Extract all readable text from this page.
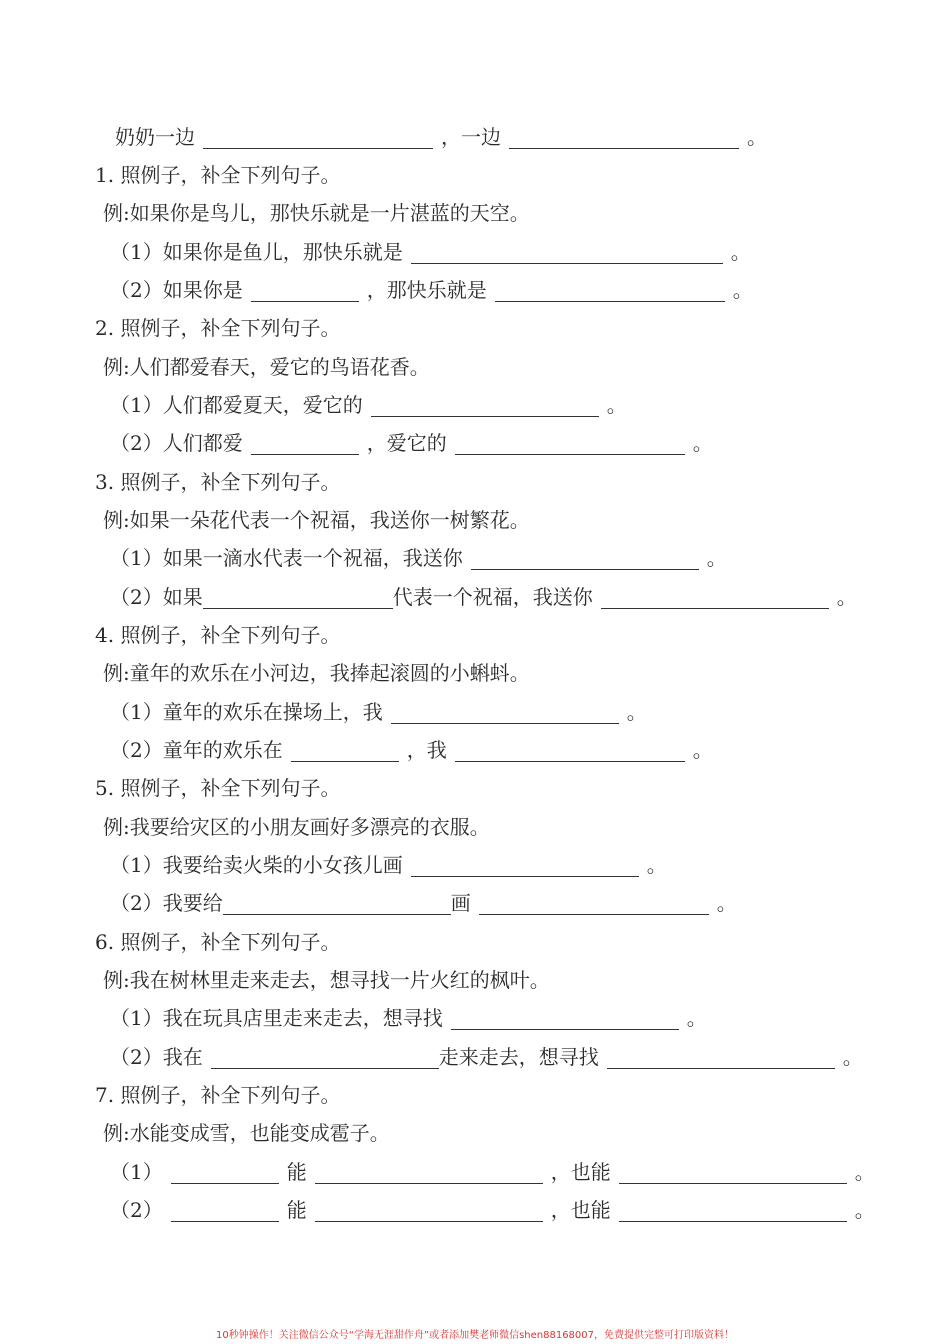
奶奶一边	，一边	。
1. 照例子，补全下列句子。
例:如果你是鸟儿，那快乐就是一片湛蓝的天空。
（1）如果你是鱼儿，那快乐就是	。
（2）如果你是	，那快乐就是	。
2. 照例子，补全下列句子。
例:人们都爱春天，爱它的鸟语花香。
（1）人们都爱夏天，爱它的	。
（2）人们都爱	，爱它的	。
3. 照例子，补全下列句子。
例:如果一朵花代表一个祝福，我送你一树繁花。
（1）如果一滴水代表一个祝福，我送你	。
（2）如果	代表一个祝福，我送你	。
4. 照例子，补全下列句子。
例:童年的欢乐在小河边，我捧起滚圆的小蝌蚪。
（1）童年的欢乐在操场上，我	。
（2）童年的欢乐在	，我	。
5. 照例子，补全下列句子。
例:我要给灾区的小朋友画好多漂亮的衣服。
（1）我要给卖火柴的小女孩儿画	。
（2）我要给	画	。
6. 照例子，补全下列句子。
例:我在树林里走来走去，想寻找一片火红的枫叶。
（1）我在玩具店里走来走去，想寻找	。
（2）我在	走来走去，想寻找	。
7. 照例子，补全下列句子。
例:水能变成雪，也能变成雹子。
（1）	能	，也能	。
（2）	能	，也能	。
10秒钟操作！关注微信公众号“学海无涯甜作舟”或者添加樊老师微信shen88168007，免费提供完整可打印版资料！
